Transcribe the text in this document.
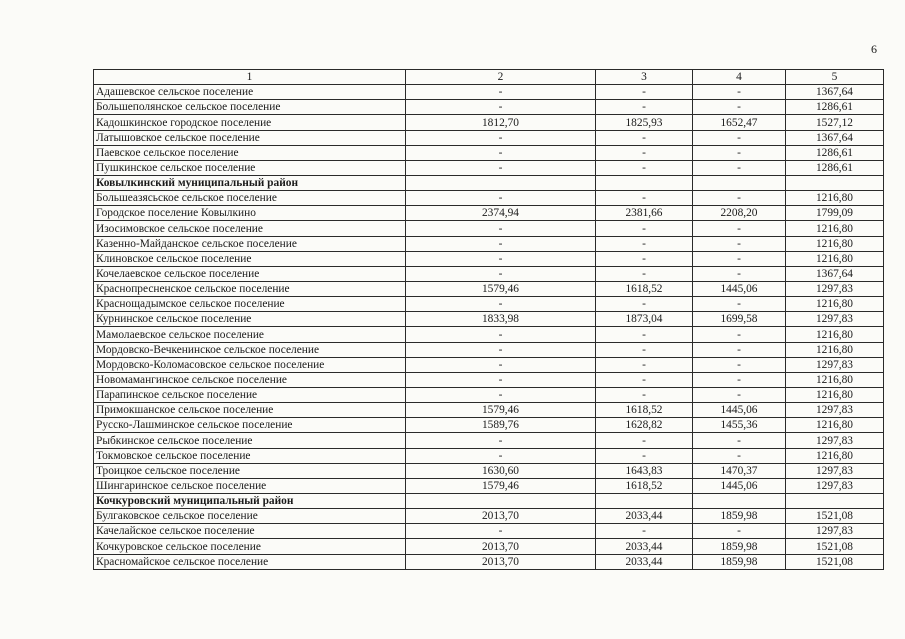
6
1	2	3	4	5
Адашевское сельское поселение	-	-	-	1367,64
Большеполянское сельское поселение	-	-	-	1286,61
Кадошкинское городское поселение	1812,70	1825,93	1652,47	1527,12
Латышовское сельское поселение	-	-	-	1367,64
Паевское сельское поселение	-	-	-	1286,61
Пушкинское сельское поселение	-	-	-	1286,61
Ковылкинский муниципальный район				
Большеазясьское сельское поселение	-	-	-	1216,80
Городское поселение Ковылкино	2374,94	2381,66	2208,20	1799,09
Изосимовское сельское поселение	-	-	-	1216,80
Казенно-Майданское сельское поселение	-	-	-	1216,80
Клиновское сельское поселение	-	-	-	1216,80
Кочелаевское сельское поселение	-	-	-	1367,64
Краснопресненское сельское поселение	1579,46	1618,52	1445,06	1297,83
Краснощадымское сельское поселение	-	-	-	1216,80
Курнинское сельское поселение	1833,98	1873,04	1699,58	1297,83
Мамолаевское сельское поселение	-	-	-	1216,80
Мордовско-Вечкенинское сельское поселение	-	-	-	1216,80
Мордовско-Коломасовское сельское поселение	-	-	-	1297,83
Новомамангинское сельское поселение	-	-	-	1216,80
Парапинское сельское поселение	-	-	-	1216,80
Примокшанское сельское поселение	1579,46	1618,52	1445,06	1297,83
Русско-Лашминское сельское поселение	1589,76	1628,82	1455,36	1216,80
Рыбкинское сельское поселение	-	-	-	1297,83
Токмовское сельское поселение	-	-	-	1216,80
Троицкое сельское поселение	1630,60	1643,83	1470,37	1297,83
Шингаринское сельское поселение	1579,46	1618,52	1445,06	1297,83
Кочкуровский муниципальный район				
Булгаковское сельское поселение	2013,70	2033,44	1859,98	1521,08
Качелайское сельское поселение	-	-	-	1297,83
Кочкуровское сельское поселение	2013,70	2033,44	1859,98	1521,08
Красномайское сельское поселение	2013,70	2033,44	1859,98	1521,08
